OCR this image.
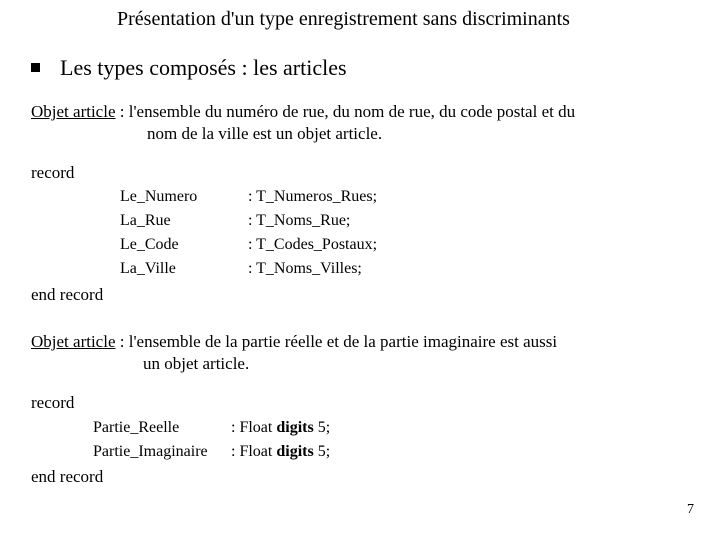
Présentation d'un type enregistrement sans discriminants
Les types composés : les articles
Objet article : l'ensemble du numéro de rue, du nom de rue, du code postal et du
nom de la ville est un objet article.
record
Le_Numero	: T_Numeros_Rues;
La_Rue	: T_Noms_Rue;
Le_Code	: T_Codes_Postaux;
La_Ville	: T_Noms_Villes;
end record
Objet article : l'ensemble de la partie réelle et de la partie imaginaire est aussi
un objet article.
record
Partie_Reelle	: Float digits 5;
Partie_Imaginaire : Float digits 5;
end record
7
